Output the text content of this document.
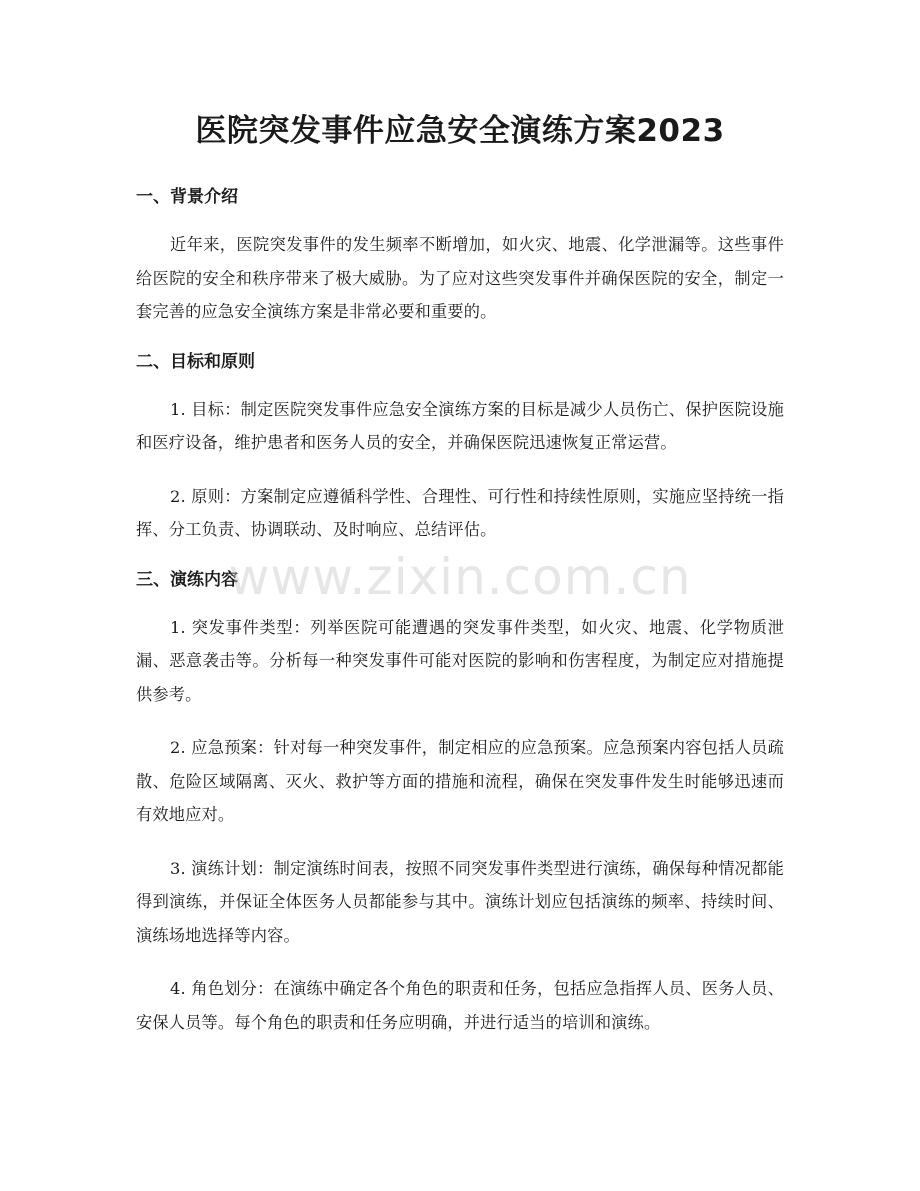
医院突发事件应急安全演练方案2023
一、背景介绍

近年来，医院突发事件的发生频率不断增加，如火灾、地震、化学泄漏等。这些事件给医院的安全和秩序带来了极大威胁。为了应对这些突发事件并确保医院的安全，制定一套完善的应急安全演练方案是非常必要和重要的。

二、目标和原则

1. 目标：制定医院突发事件应急安全演练方案的目标是减少人员伤亡、保护医院设施和医疗设备，维护患者和医务人员的安全，并确保医院迅速恢复正常运营。

2. 原则：方案制定应遵循科学性、合理性、可行性和持续性原则，实施应坚持统一指挥、分工负责、协调联动、及时响应、总结评估。

三、演练内容

1. 突发事件类型：列举医院可能遭遇的突发事件类型，如火灾、地震、化学物质泄漏、恶意袭击等。分析每一种突发事件可能对医院的影响和伤害程度，为制定应对措施提供参考。

2. 应急预案：针对每一种突发事件，制定相应的应急预案。应急预案内容包括人员疏散、危险区域隔离、灭火、救护等方面的措施和流程，确保在突发事件发生时能够迅速而有效地应对。

3. 演练计划：制定演练时间表，按照不同突发事件类型进行演练，确保每种情况都能得到演练，并保证全体医务人员都能参与其中。演练计划应包括演练的频率、持续时间、演练场地选择等内容。

4. 角色划分：在演练中确定各个角色的职责和任务，包括应急指挥人员、医务人员、安保人员等。每个角色的职责和任务应明确，并进行适当的培训和演练。

www.zixin.com.cn
